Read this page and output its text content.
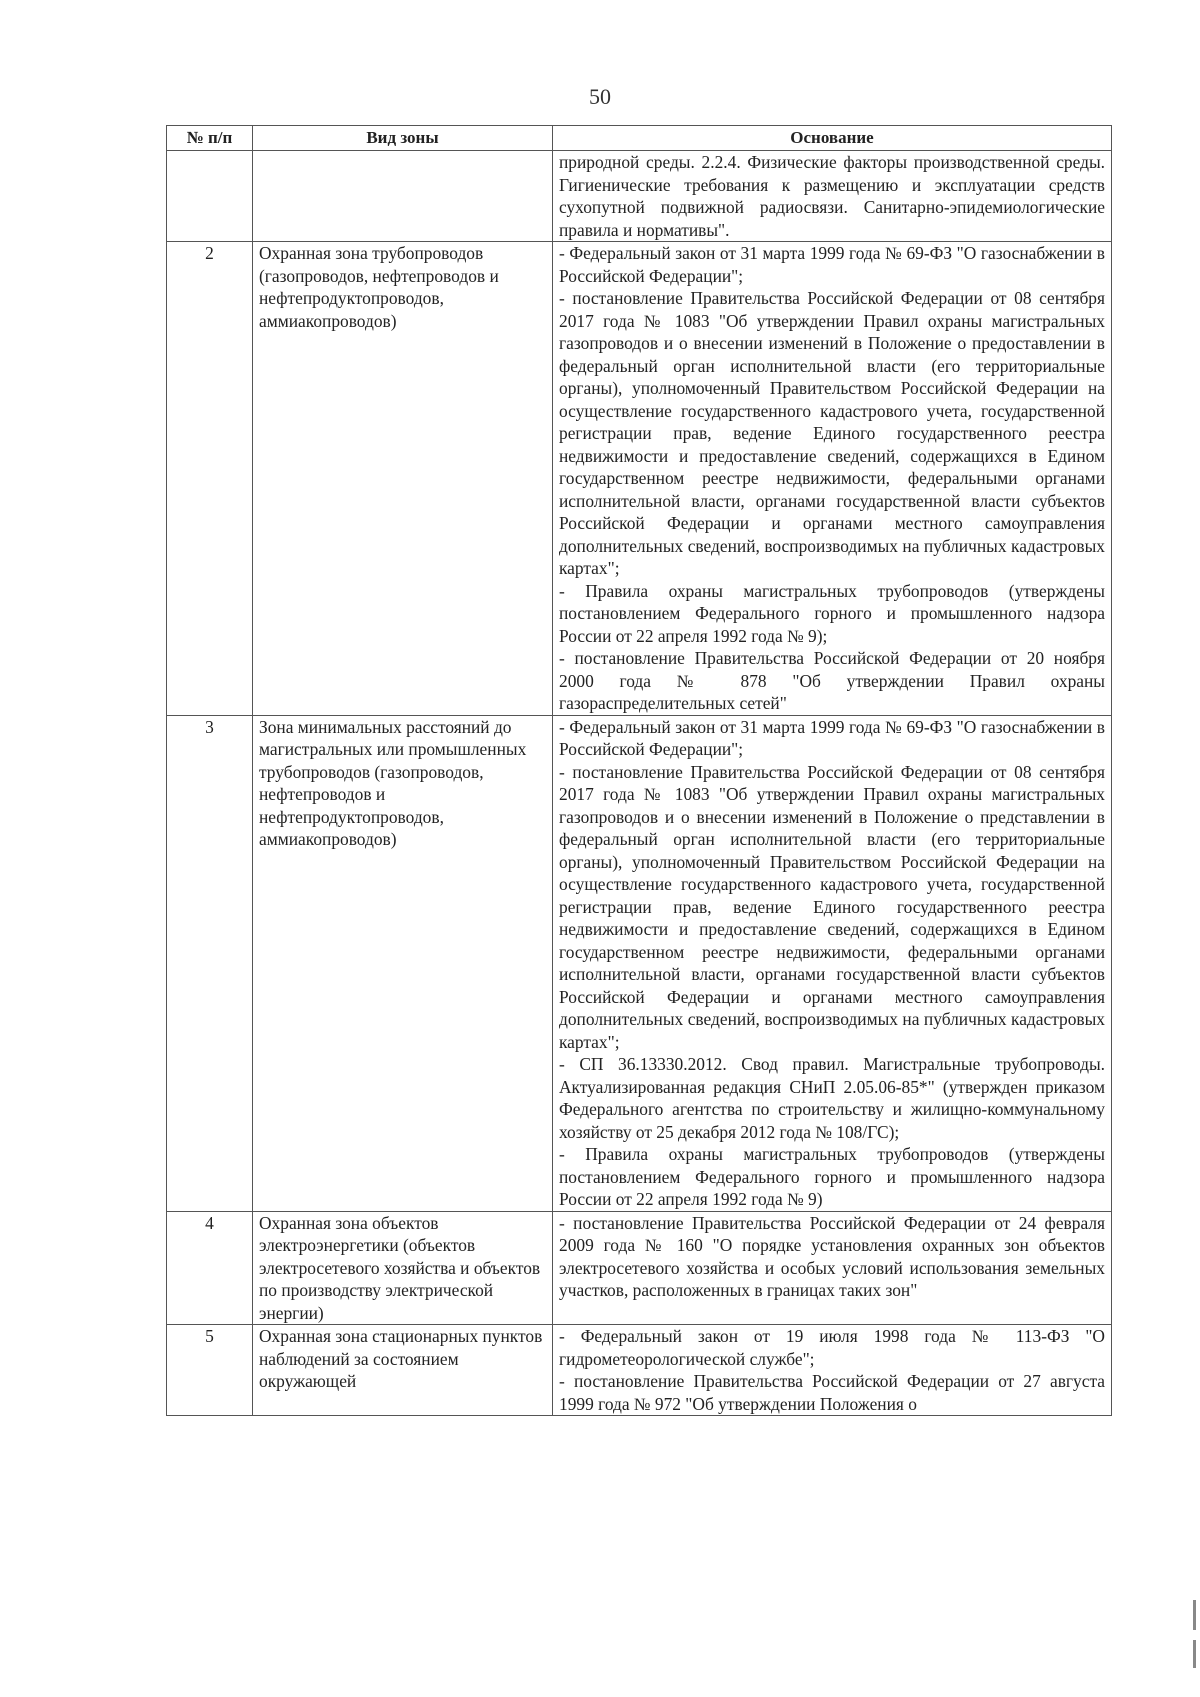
50
№ п/п	Вид зоны	Основание

		природной среды. 2.2.4. Физические факторы производственной среды. Гигиенические требования к размещению и эксплуатации средств сухопутной подвижной радиосвязи. Санитарно-эпидемиологические правила и нормативы".

2	Охранная зона трубопроводов (газопроводов, нефтепроводов и нефтепродуктопроводов, аммиакопроводов)	- Федеральный закон от 31 марта 1999 года № 69-ФЗ "О газоснабжении в Российской Федерации";

- постановление Правительства Российской Федерации от 08 сентября 2017 года № 1083 "Об утверждении Правил охраны магистральных газопроводов и о внесении изменений в Положение о предоставлении в федеральный орган исполнительной власти (его территориальные органы), уполномоченный Правительством Российской Федерации на осуществление государственного кадастрового учета, государственной регистрации прав, ведение Единого государственного реестра недвижимости и предоставление сведений, содержащихся в Едином государственном реестре недвижимости, федеральными органами исполнительной власти, органами государственной власти субъектов Российской Федерации и органами местного самоуправления дополнительных сведений, воспроизводимых на публичных кадастровых картах";

- Правила охраны магистральных трубопроводов (утверждены постановлением Федерального горного и промышленного надзора России от 22 апреля 1992 года № 9);

- постановление Правительства Российской Федерации от 20 ноября 2000 года № 878 "Об утверждении Правил охраны газораспределительных сетей"

3	Зона минимальных расстояний до магистральных или промышленных трубопроводов (газопроводов, нефтепроводов и нефтепродуктопроводов, аммиакопроводов)	- Федеральный закон от 31 марта 1999 года № 69-ФЗ "О газоснабжении в Российской Федерации";

- постановление Правительства Российской Федерации от 08 сентября 2017 года № 1083 "Об утверждении Правил охраны магистральных газопроводов и о внесении изменений в Положение о представлении в федеральный орган исполнительной власти (его территориальные органы), уполномоченный Правительством Российской Федерации на осуществление государственного кадастрового учета, государственной регистрации прав, ведение Единого государственного реестра недвижимости и предоставление сведений, содержащихся в Едином государственном реестре недвижимости, федеральными органами исполнительной власти, органами государственной власти субъектов Российской Федерации и органами местного самоуправления дополнительных сведений, воспроизводимых на публичных кадастровых картах";

- СП 36.13330.2012. Свод правил. Магистральные трубопроводы. Актуализированная редакция СНиП 2.05.06-85*" (утвержден приказом Федерального агентства по строительству и жилищно-коммунальному хозяйству от 25 декабря 2012 года № 108/ГС);

- Правила охраны магистральных трубопроводов (утверждены постановлением Федерального горного и промышленного надзора России от 22 апреля 1992 года № 9)

4	Охранная зона объектов электроэнергетики (объектов электросетевого хозяйства и объектов по производству электрической энергии)	- постановление Правительства Российской Федерации от 24 февраля 2009 года № 160 "О порядке установления охранных зон объектов электросетевого хозяйства и особых условий использования земельных участков, расположенных в границах таких зон"

5	Охранная зона стационарных пунктов наблюдений за состоянием окружающей	- Федеральный закон от 19 июля 1998 года № 113-ФЗ "О гидрометеорологической службе";

- постановление Правительства Российской Федерации от 27 августа 1999 года № 972 "Об утверждении Положения о
